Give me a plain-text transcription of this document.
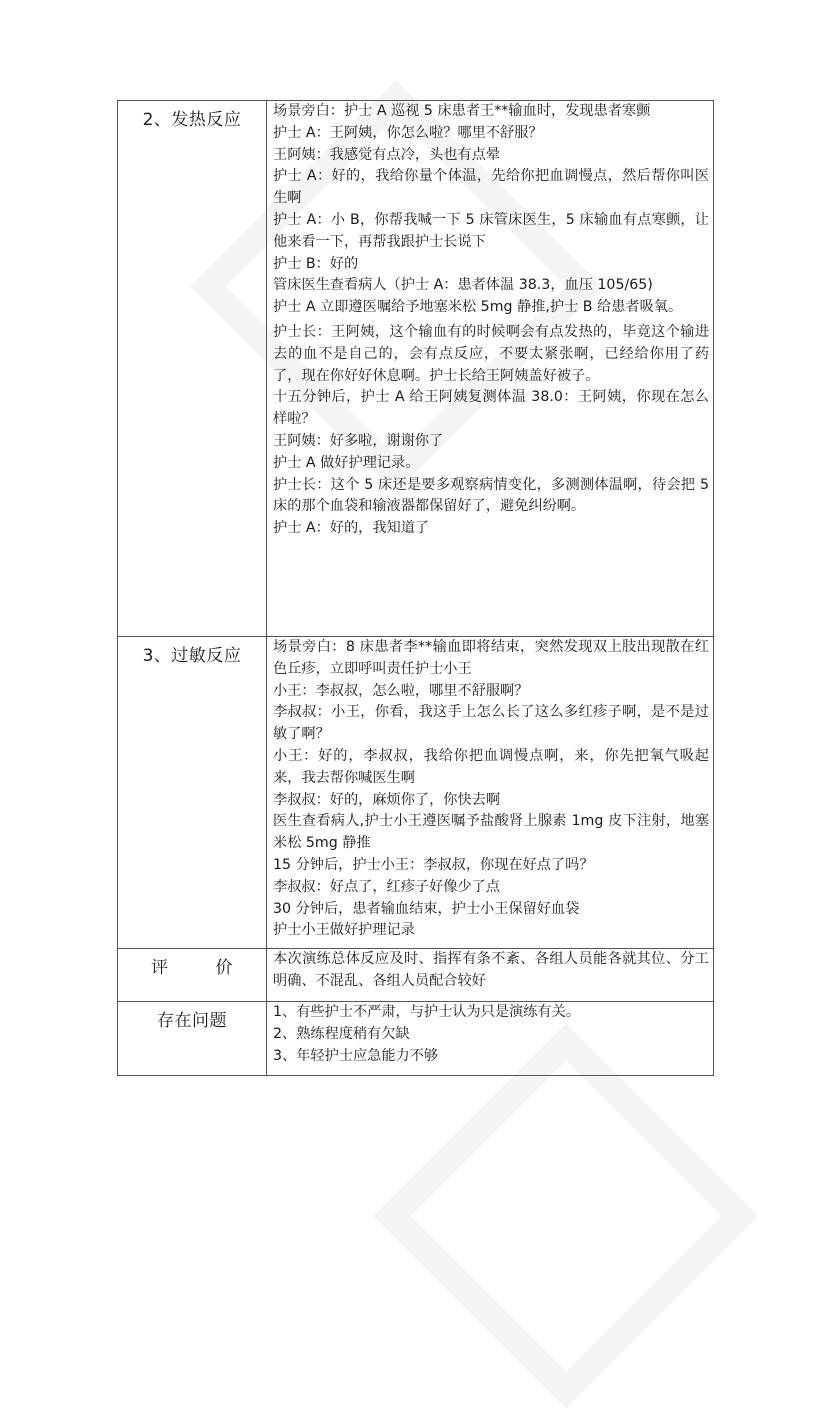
2、发热反应	场景旁白：护士 A 巡视 5 床患者王**输血时，发现患者寒颤
护士 A：王阿姨，你怎么啦？哪里不舒服？
王阿姨：我感觉有点冷，头也有点晕
护士 A：好的，我给你量个体温，先给你把血调慢点，然后帮你叫医生啊
护士 A：小 B，你帮我喊一下 5 床管床医生，5 床输血有点寒颤，让他来看一下，再帮我跟护士长说下
护士 B：好的
管床医生查看病人（护士 A：患者体温 38.3，血压 105/65)
护士 A 立即遵医嘱给予地塞米松 5mg 静推,护士 B 给患者吸氧。
护士长：王阿姨，这个输血有的时候啊会有点发热的，毕竟这个输进去的血不是自己的，会有点反应，不要太紧张啊，已经给你用了药了，现在你好好休息啊。护士长给王阿姨盖好被子。
十五分钟后，护士 A 给王阿姨复测体温 38.0：王阿姨，你现在怎么样啦？
王阿姨：好多啦，谢谢你了
护士 A 做好护理记录。
护士长：这个 5 床还是要多观察病情变化，多测测体温啊，待会把 5 床的那个血袋和输液器都保留好了，避免纠纷啊。
护士 A：好的，我知道了

3、过敏反应	场景旁白：8 床患者李**输血即将结束，突然发现双上肢出现散在红色丘疹，立即呼叫责任护士小王
小王：李叔叔，怎么啦，哪里不舒服啊？
李叔叔：小王，你看，我这手上怎么长了这么多红疹子啊，是不是过敏了啊？
小王：好的，李叔叔，我给你把血调慢点啊，来，你先把氧气吸起来，我去帮你喊医生啊
李叔叔：好的，麻烦你了，你快去啊
医生查看病人,护士小王遵医嘱予盐酸肾上腺素 1mg 皮下注射，地塞米松 5mg 静推
15 分钟后，护士小王：李叔叔，你现在好点了吗？
李叔叔：好点了，红疹子好像少了点
30 分钟后，患者输血结束，护士小王保留好血袋
护士小王做好护理记录

评 价	本次演练总体反应及时、指挥有条不紊、各组人员能各就其位、分工明确、不混乱、各组人员配合较好

存在问题	1、有些护士不严肃，与护士认为只是演练有关。
2、熟练程度稍有欠缺
3、年轻护士应急能力不够
